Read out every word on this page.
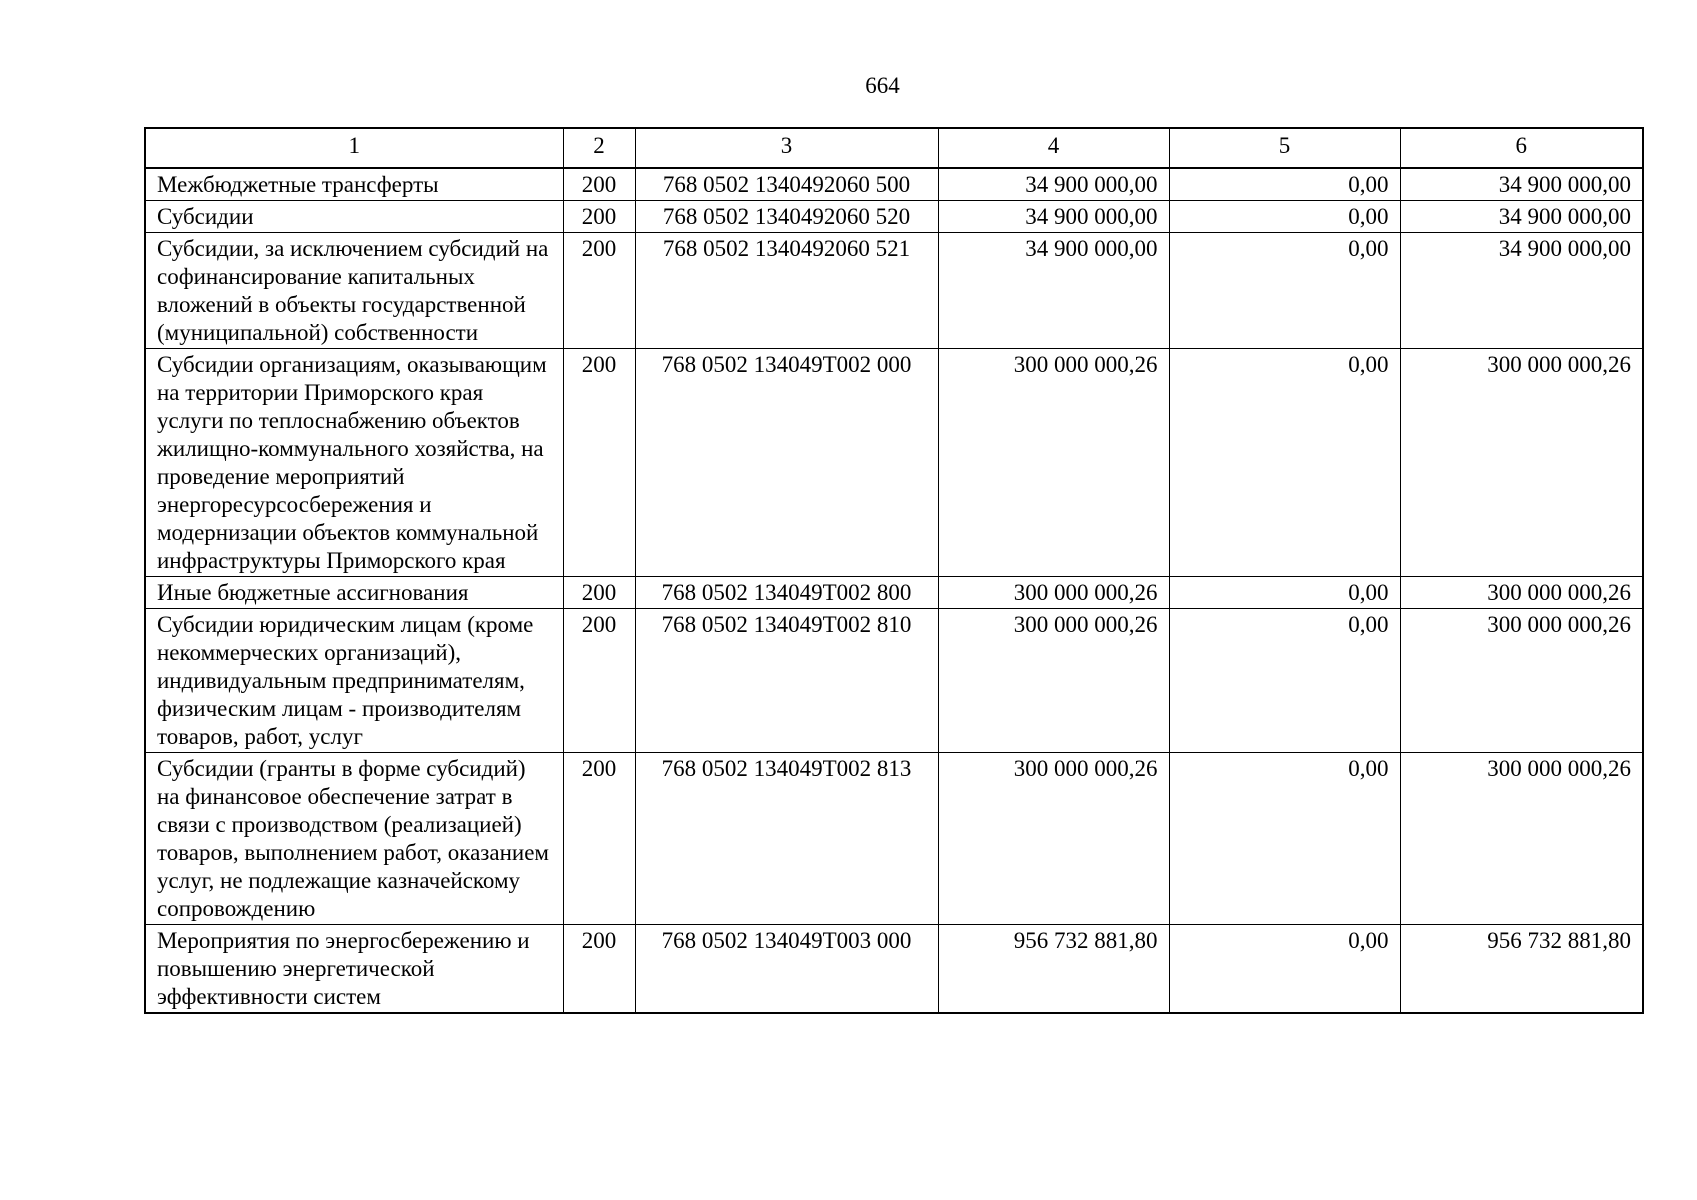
664
1	2	3	4	5	6
Межбюджетные трансферты	200	768 0502 1340492060 500	34 900 000,00	0,00	34 900 000,00
Субсидии	200	768 0502 1340492060 520	34 900 000,00	0,00	34 900 000,00
Субсидии, за исключением субсидий на софинансирование капитальных вложений в объекты государственной (муниципальной) собственности	200	768 0502 1340492060 521	34 900 000,00	0,00	34 900 000,00
Субсидии организациям, оказывающим на территории Приморского края услуги по теплоснабжению объектов жилищно-коммунального хозяйства, на проведение мероприятий энергоресурсосбережения и модернизации объектов коммунальной инфраструктуры Приморского края	200	768 0502 134049Т002 000	300 000 000,26	0,00	300 000 000,26
Иные бюджетные ассигнования	200	768 0502 134049Т002 800	300 000 000,26	0,00	300 000 000,26
Субсидии юридическим лицам (кроме некоммерческих организаций), индивидуальным предпринимателям, физическим лицам - производителям товаров, работ, услуг	200	768 0502 134049Т002 810	300 000 000,26	0,00	300 000 000,26
Субсидии (гранты в форме субсидий) на финансовое обеспечение затрат в связи с производством (реализацией) товаров, выполнением работ, оказанием услуг, не подлежащие казначейскому сопровождению	200	768 0502 134049Т002 813	300 000 000,26	0,00	300 000 000,26
Мероприятия по энергосбережению и повышению энергетической эффективности систем	200	768 0502 134049Т003 000	956 732 881,80	0,00	956 732 881,80
